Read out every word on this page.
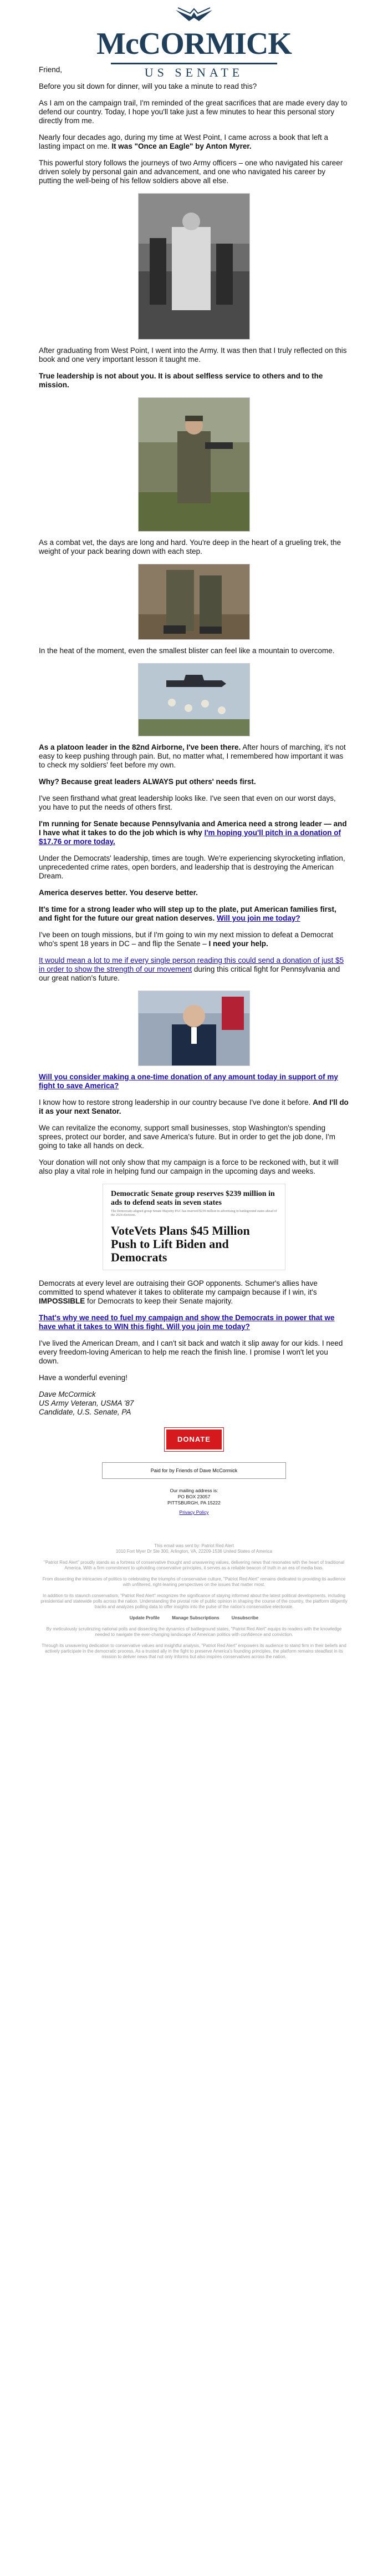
McCORMICK
US SENATE

Friend,

Before you sit down for dinner, will you take a minute to read this?

As I am on the campaign trail, I'm reminded of the great sacrifices that are made every day to defend our country. Today, I hope you'll take just a few minutes to hear this personal story directly from me.

Nearly four decades ago, during my time at West Point, I came across a book that left a lasting impact on me. It was "Once an Eagle" by Anton Myrer.

This powerful story follows the journeys of two Army officers – one who navigated his career driven solely by personal gain and advancement, and one who navigated his career by putting the well-being of his fellow soldiers above all else.

After graduating from West Point, I went into the Army. It was then that I truly reflected on this book and one very important lesson it taught me.

True leadership is not about you. It is about selfless service to others and to the mission.

As a combat vet, the days are long and hard. You're deep in the heart of a grueling trek, the weight of your pack bearing down with each step.

In the heat of the moment, even the smallest blister can feel like a mountain to overcome.

As a platoon leader in the 82nd Airborne, I've been there. After hours of marching, it's not easy to keep pushing through pain. But, no matter what, I remembered how important it was to check my soldiers' feet before my own.

Why? Because great leaders ALWAYS put others' needs first.

I've seen firsthand what great leadership looks like. I've seen that even on our worst days, you have to put the needs of others first.

I'm running for Senate because Pennsylvania and America need a strong leader — and I have what it takes to do the job which is why I'm hoping you'll pitch in a donation of $17.76 or more today.

Under the Democrats' leadership, times are tough. We're experiencing skyrocketing inflation, unprecedented crime rates, open borders, and leadership that is destroying the American Dream.

America deserves better. You deserve better.

It's time for a strong leader who will step up to the plate, put American families first, and fight for the future our great nation deserves. Will you join me today?

I've been on tough missions, but if I'm going to win my next mission to defeat a Democrat who's spent 18 years in DC – and flip the Senate – I need your help.

It would mean a lot to me if every single person reading this could send a donation of just $5 in order to show the strength of our movement during this critical fight for Pennsylvania and our great nation's future.

Will you consider making a one-time donation of any amount today in support of my fight to save America?

I know how to restore strong leadership in our country because I've done it before. And I'll do it as your next Senator.

We can revitalize the economy, support small businesses, stop Washington's spending sprees, protect our border, and save America's future. But in order to get the job done, I'm going to take all hands on deck.

Your donation will not only show that my campaign is a force to be reckoned with, but it will also play a vital role in helping fund our campaign in the upcoming days and weeks.

Democratic Senate group reserves $239 million in ads to defend seats in seven states
The Democratic-aligned group Senate Majority PAC has reserved $239 million in advertising in battleground states ahead of the 2024 elections.
VoteVets Plans $45 Million Push to Lift Biden and Democrats

Democrats at every level are outraising their GOP opponents. Schumer's allies have committed to spend whatever it takes to obliterate my campaign because if I win, it's IMPOSSIBLE for Democrats to keep their Senate majority.

That's why we need to fuel my campaign and show the Democrats in power that we have what it takes to WIN this fight. Will you join me today?

I've lived the American Dream, and I can't sit back and watch it slip away for our kids. I need every freedom-loving American to help me reach the finish line. I promise I won't let you down.

Have a wonderful evening!

Dave McCormick
US Army Veteran, USMA '87
Candidate, U.S. Senate, PA

DONATE
Paid for by Friends of Dave McCormick
Our mailing address is:
PO BOX 23057
PITTSBURGH, PA 15222
Privacy Policy

This email was sent by: Patriot Red Alert
1010 Fort Myer Dr Ste 300, Arlington, VA, 22209-1536 United States of America

"Patriot Red Alert" proudly stands as a fortress of conservative thought and unwavering values, delivering news that resonates with the heart of traditional America. With a firm commitment to upholding conservative principles, it serves as a reliable beacon of truth in an era of media bias.

From dissecting the intricacies of politics to celebrating the triumphs of conservative culture, "Patriot Red Alert" remains dedicated to providing its audience with unfiltered, right-leaning perspectives on the issues that matter most.

In addition to its staunch conservatism, "Patriot Red Alert" recognizes the significance of staying informed about the latest political developments, including presidential and statewide polls across the nation. Understanding the pivotal role of public opinion in shaping the course of the country, the platform diligently tracks and analyzes polling data to offer insights into the pulse of the nation's conservative electorate.

Update Profile	Manage Subscriptions	Unsubscribe

By meticulously scrutinizing national polls and dissecting the dynamics of battleground states, "Patriot Red Alert" equips its readers with the knowledge needed to navigate the ever-changing landscape of American politics with confidence and conviction.

Through its unwavering dedication to conservative values and insightful analysis, "Patriot Red Alert" empowers its audience to stand firm in their beliefs and actively participate in the democratic process. As a trusted ally in the fight to preserve America's founding principles, the platform remains steadfast in its mission to deliver news that not only informs but also inspires conservatives across the nation.
